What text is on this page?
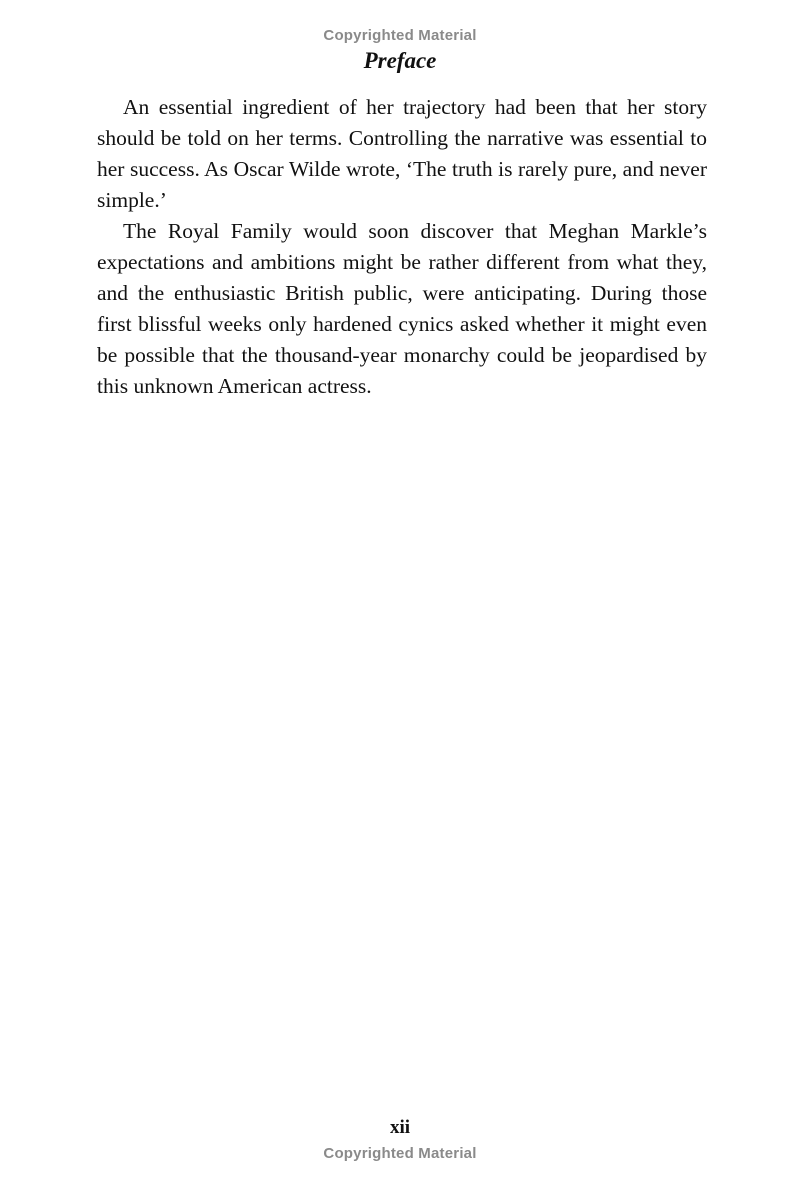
Copyrighted Material
Preface

An essential ingredient of her trajectory had been that her story should be told on her terms. Controlling the narrative was essential to her success. As Oscar Wilde wrote, ‘The truth is rarely pure, and never simple.’

The Royal Family would soon discover that Meghan Markle’s expectations and ambitions might be rather different from what they, and the enthusiastic British public, were anticipating. During those first blissful weeks only hardened cynics asked whether it might even be possible that the thousand-year monarchy could be jeopardised by this unknown American actress.

xii
Copyrighted Material
